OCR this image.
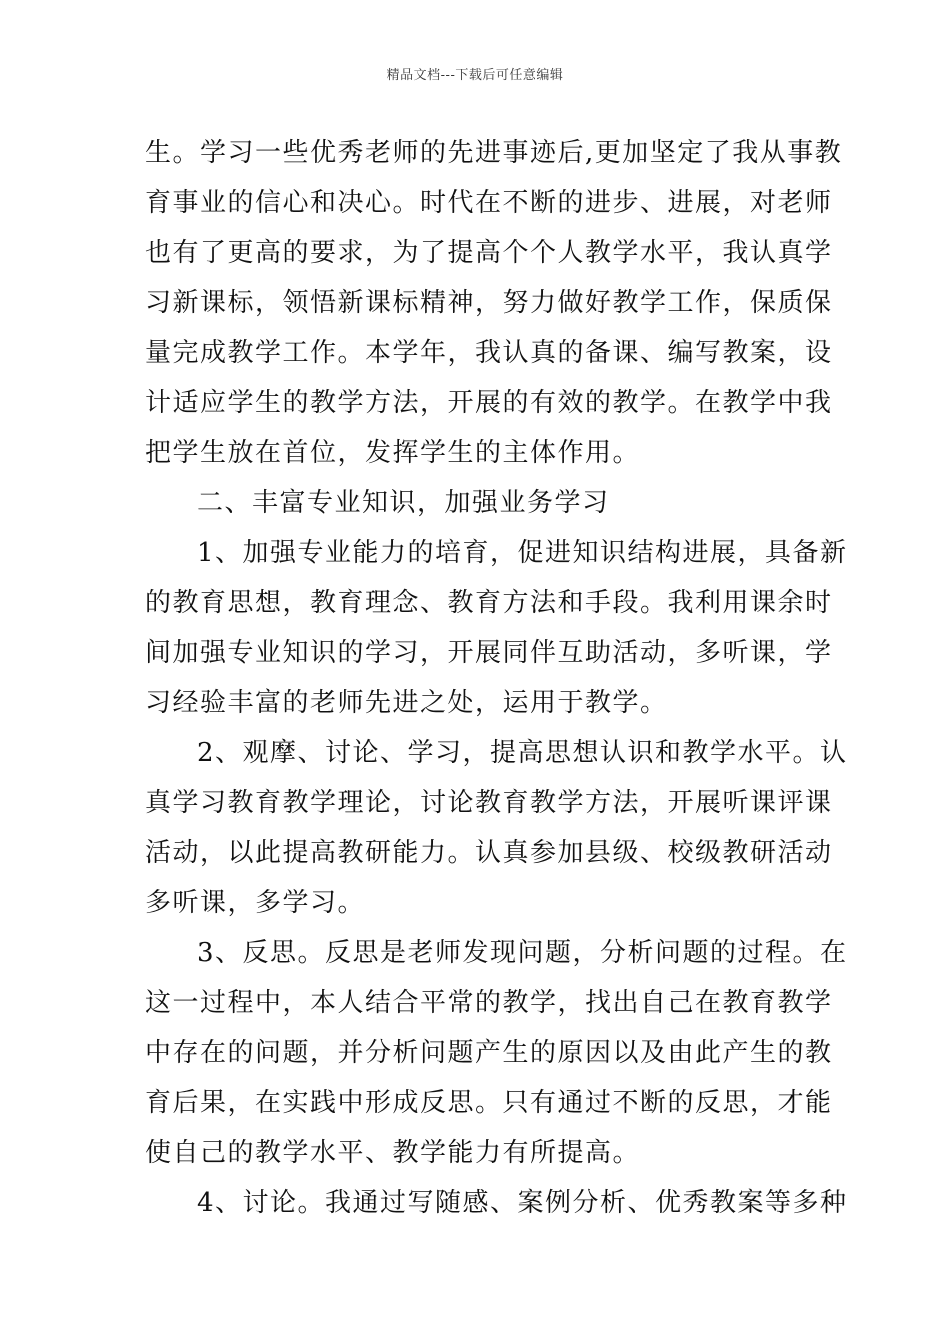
精品文档---下载后可任意编辑
生。学习一些优秀老师的先进事迹后,更加坚定了我从事教
育事业的信心和决心。时代在不断的进步、进展，对老师
也有了更高的要求，为了提高个个人教学水平，我认真学
习新课标，领悟新课标精神，努力做好教学工作，保质保
量完成教学工作。本学年，我认真的备课、编写教案，设
计适应学生的教学方法，开展的有效的教学。在教学中我
把学生放在首位，发挥学生的主体作用。
二、丰富专业知识，加强业务学习
1、加强专业能力的培育，促进知识结构进展，具备新
的教育思想，教育理念、教育方法和手段。我利用课余时
间加强专业知识的学习，开展同伴互助活动，多听课，学
习经验丰富的老师先进之处，运用于教学。
2、观摩、讨论、学习，提高思想认识和教学水平。认
真学习教育教学理论，讨论教育教学方法，开展听课评课
活动，以此提高教研能力。认真参加县级、校级教研活动
多听课，多学习。
3、反思。反思是老师发现问题，分析问题的过程。在
这一过程中，本人结合平常的教学，找出自己在教育教学
中存在的问题，并分析问题产生的原因以及由此产生的教
育后果，在实践中形成反思。只有通过不断的反思，才能
使自己的教学水平、教学能力有所提高。
4、讨论。我通过写随感、案例分析、优秀教案等多种
